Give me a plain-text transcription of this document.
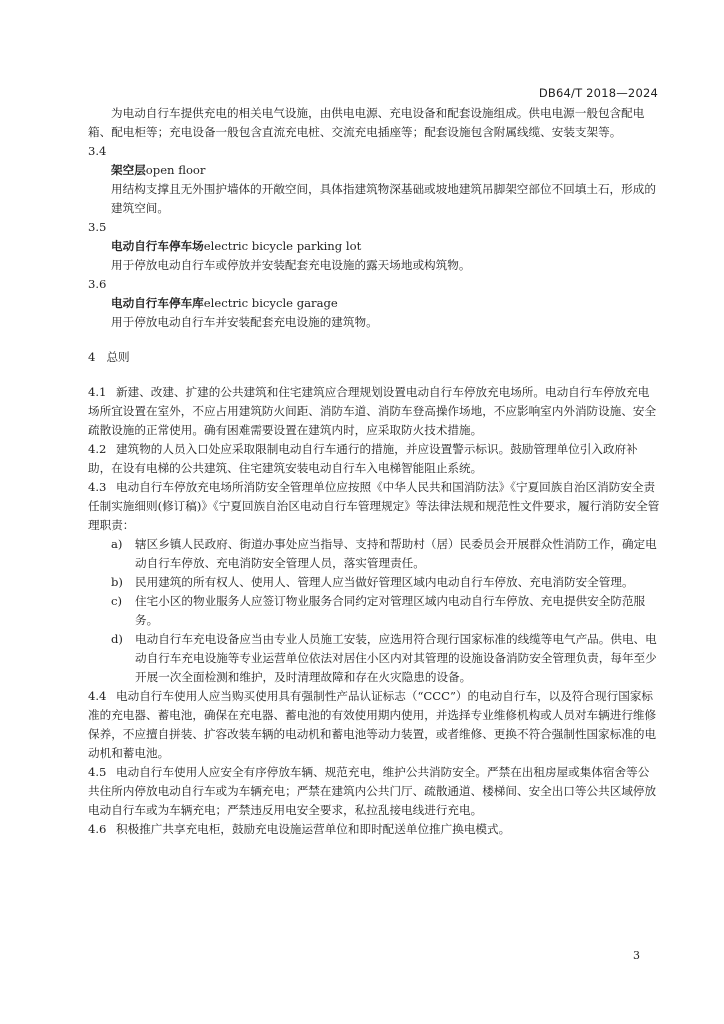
DB64/T 2018—2024

为电动自行车提供充电的相关电气设施，由供电电源、充电设备和配套设施组成。供电电源一般包含配电箱、配电柜等；充电设备一般包含直流充电桩、交流充电插座等；配套设施包含附属线缆、安装支架等。

3.4

架空层open floor

用结构支撑且无外围护墙体的开敞空间，具体指建筑物深基础或坡地建筑吊脚架空部位不回填土石，形成的建筑空间。

3.5

电动自行车停车场electric bicycle parking lot

用于停放电动自行车或停放并安装配套充电设施的露天场地或构筑物。

3.6

电动自行车停车库electric bicycle garage

用于停放电动自行车并安装配套充电设施的建筑物。

4 总则

4.1 新建、改建、扩建的公共建筑和住宅建筑应合理规划设置电动自行车停放充电场所。电动自行车停放充电场所宜设置在室外，不应占用建筑防火间距、消防车道、消防车登高操作场地，不应影响室内外消防设施、安全疏散设施的正常使用。确有困难需要设置在建筑内时，应采取防火技术措施。

4.2 建筑物的人员入口处应采取限制电动自行车通行的措施，并应设置警示标识。鼓励管理单位引入政府补助，在设有电梯的公共建筑、住宅建筑安装电动自行车入电梯智能阻止系统。

4.3 电动自行车停放充电场所消防安全管理单位应按照《中华人民共和国消防法》《宁夏回族自治区消防安全责任制实施细则(修订稿)》《宁夏回族自治区电动自行车管理规定》等法律法规和规范性文件要求，履行消防安全管理职责：

a)	辖区乡镇人民政府、街道办事处应当指导、支持和帮助村（居）民委员会开展群众性消防工作，确定电动自行车停放、充电消防安全管理人员，落实管理责任。
b)	民用建筑的所有权人、使用人、管理人应当做好管理区域内电动自行车停放、充电消防安全管理。
c)	住宅小区的物业服务人应签订物业服务合同约定对管理区域内电动自行车停放、充电提供安全防范服务。
d)	电动自行车充电设备应当由专业人员施工安装，应选用符合现行国家标准的线缆等电气产品。供电、电动自行车充电设施等专业运营单位依法对居住小区内对其管理的设施设备消防安全管理负责，每年至少开展一次全面检测和维护，及时清理故障和存在火灾隐患的设备。

4.4 电动自行车使用人应当购买使用具有强制性产品认证标志（“CCC”）的电动自行车，以及符合现行国家标准的充电器、蓄电池，确保在充电器、蓄电池的有效使用期内使用，并选择专业维修机构或人员对车辆进行维修保养，不应擅自拼装、扩容改装车辆的电动机和蓄电池等动力装置，或者维修、更换不符合强制性国家标准的电动机和蓄电池。

4.5 电动自行车使用人应安全有序停放车辆、规范充电，维护公共消防安全。严禁在出租房屋或集体宿舍等公共住所内停放电动自行车或为车辆充电；严禁在建筑内公共门厅、疏散通道、楼梯间、安全出口等公共区域停放电动自行车或为车辆充电；严禁违反用电安全要求，私拉乱接电线进行充电。

4.6 积极推广共享充电柜，鼓励充电设施运营单位和即时配送单位推广换电模式。

3
